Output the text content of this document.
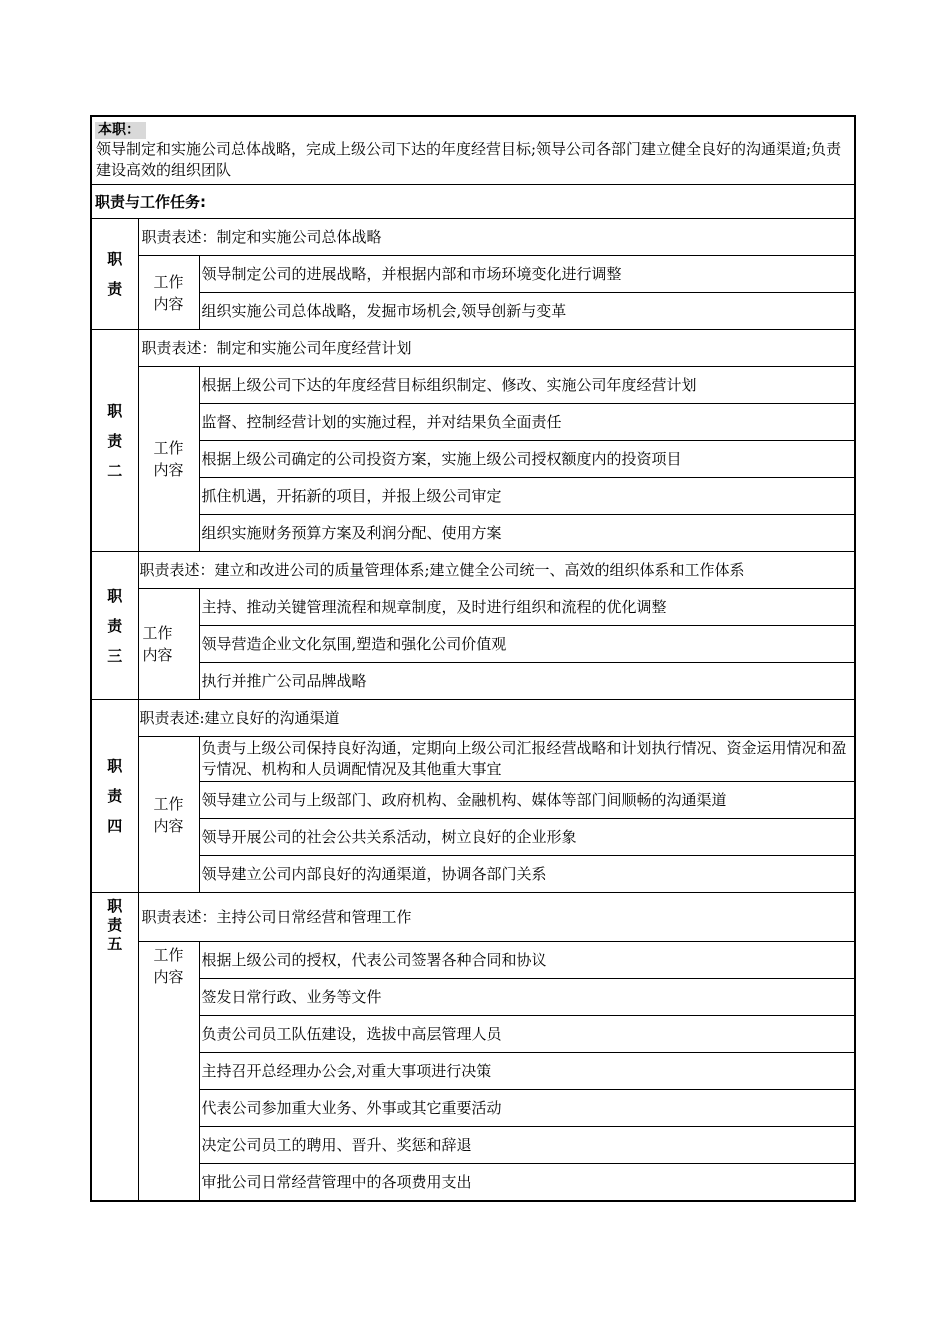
本职：
领导制定和实施公司总体战略，完成上级公司下达的年度经营目标;领导公司各部门建立健全良好的沟通渠道;负责建设高效的组织团队		

职责与工作任务:		

职
责	职责表述：制定和实施公司总体战略	

	工作
内容	领导制定公司的进展战略，并根据内部和市场环境变化进行调整
		组织实施公司总体战略，发掘市场机会,领导创新与变革

职
责
二	职责表述：制定和实施公司年度经营计划	

	工作
内容	根据上级公司下达的年度经营目标组织制定、修改、实施公司年度经营计划
		监督、控制经营计划的实施过程，并对结果负全面责任
		根据上级公司确定的公司投资方案，实施上级公司授权额度内的投资项目
		抓住机遇，开拓新的项目，并报上级公司审定
		组织实施财务预算方案及利润分配、使用方案

职
责
三	职责表述：建立和改进公司的质量管理体系;建立健全公司统一、高效的组织体系和工作体系	

	工作
内容	主持、推动关键管理流程和规章制度，及时进行组织和流程的优化调整
		领导营造企业文化氛围,塑造和强化公司价值观
		执行并推广公司品牌战略

职
责
四	职责表述:建立良好的沟通渠道	

	工作
内容	负责与上级公司保持良好沟通，定期向上级公司汇报经营战略和计划执行情况、资金运用情况和盈亏情况、机构和人员调配情况及其他重大事宜
		领导建立公司与上级部门、政府机构、金融机构、媒体等部门间顺畅的沟通渠道
		领导开展公司的社会公共关系活动，树立良好的企业形象
		领导建立公司内部良好的沟通渠道，协调各部门关系

职
责
五	职责表述：主持公司日常经营和管理工作	

	工作
内容	根据上级公司的授权，代表公司签署各种合同和协议
		签发日常行政、业务等文件
		负责公司员工队伍建设，选拔中高层管理人员
		主持召开总经理办公会,对重大事项进行决策
		代表公司参加重大业务、外事或其它重要活动
		决定公司员工的聘用、晋升、奖惩和辞退
		审批公司日常经营管理中的各项费用支出
